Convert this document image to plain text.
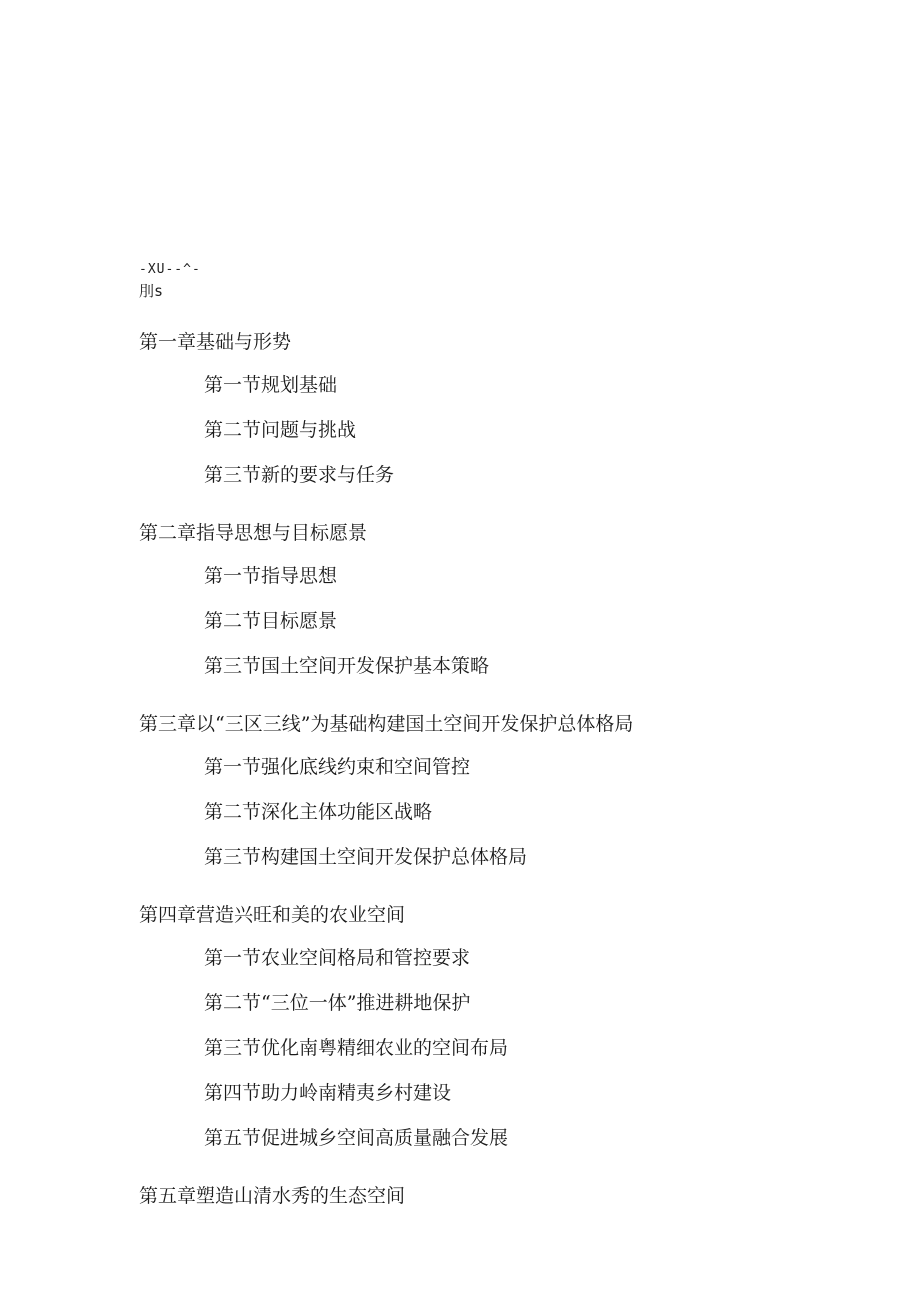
-XU--^-
刖s
第一章基础与形势
第一节规划基础
第二节问题与挑战
第三节新的要求与任务
第二章指导思想与目标愿景
第一节指导思想
第二节目标愿景
第三节国土空间开发保护基本策略
第三章以“三区三线”为基础构建国土空间开发保护总体格局
第一节强化底线约束和空间管控
第二节深化主体功能区战略
第三节构建国土空间开发保护总体格局
第四章营造兴旺和美的农业空间
第一节农业空间格局和管控要求
第二节“三位一体”推进耕地保护
第三节优化南粤精细农业的空间布局
第四节助力岭南精夷乡村建设
第五节促进城乡空间高质量融合发展
第五章塑造山清水秀的生态空间
